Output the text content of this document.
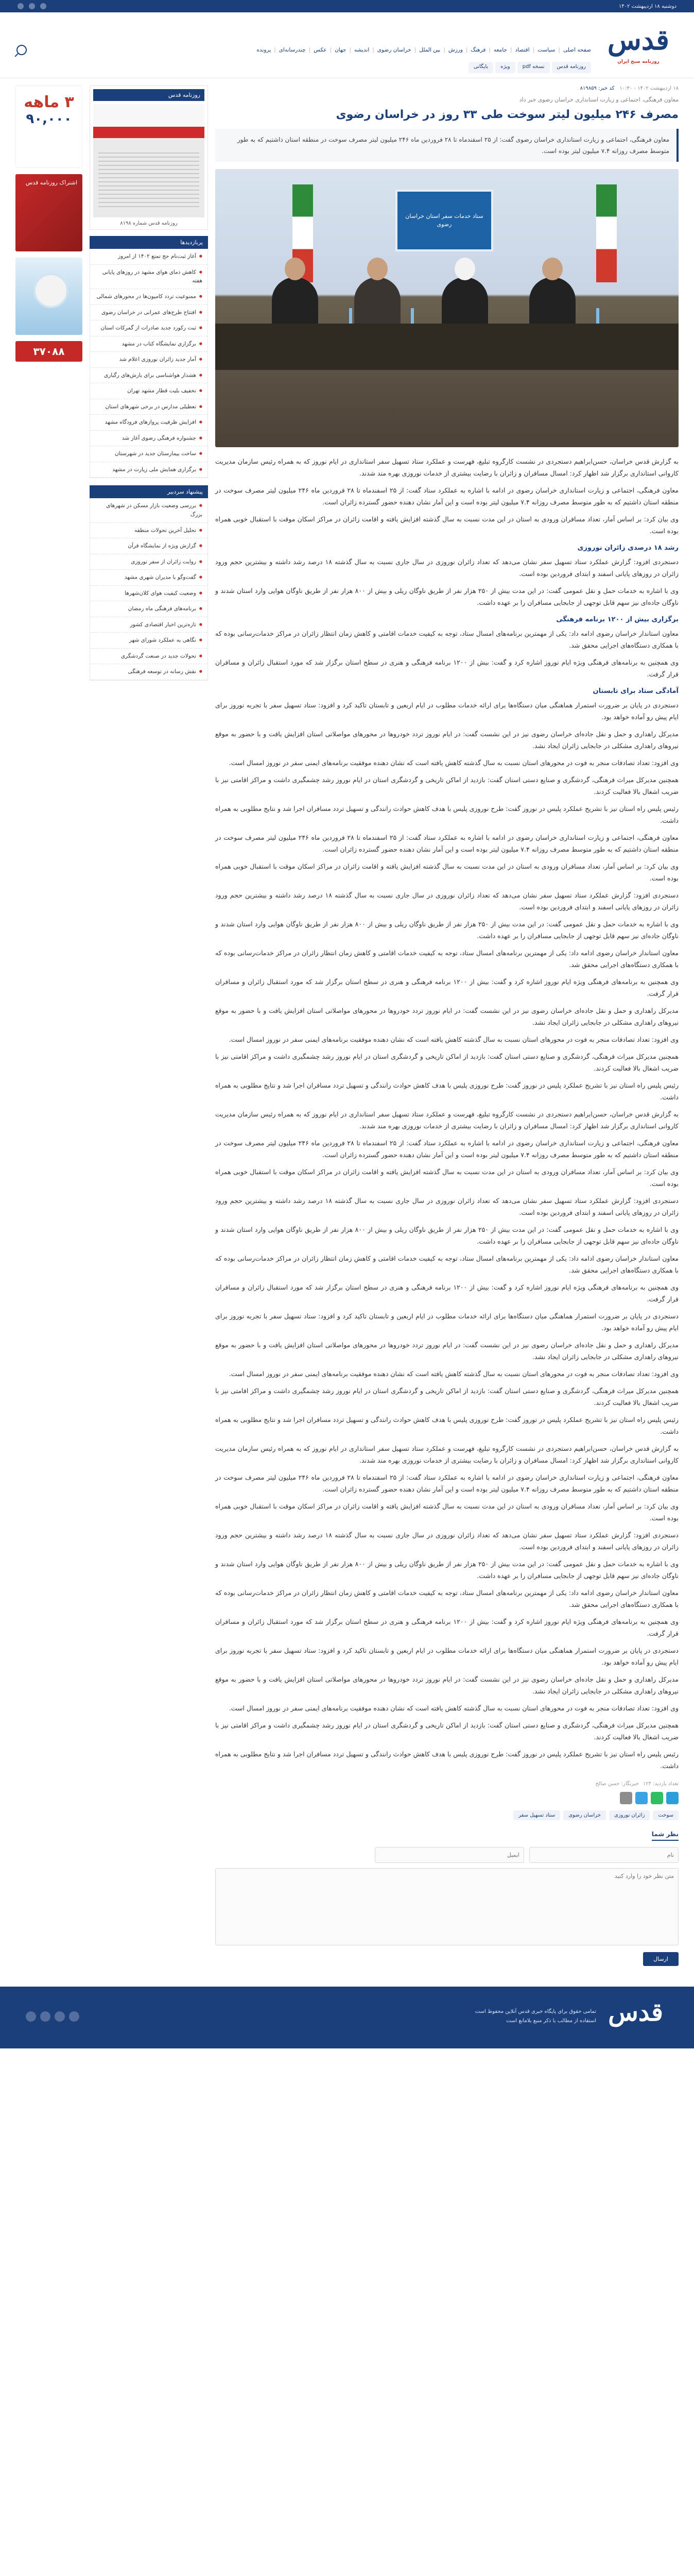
دوشنبه ۱۸ اردیبهشت ۱۴۰۲
قدس
روزنامه صبح ایران
صفحه اصلی
|
سیاست
|
اقتصاد
|
جامعه
|
فرهنگ
|
ورزش
|
بین الملل
|
خراسان رضوی
|
اندیشه
|
جهان
|
عکس
|
چندرسانه‌ای
|
پرونده
روزنامه قدس
نسخه pdf
ویژه
بایگانی
۱۸ اردیبهشت ۱۴۰۲ - ۱۰:۳۰
کد خبر: ۸۱۹۸۵۹
معاون فرهنگی، اجتماعی و زیارت استانداری خراسان رضوی خبر داد
مصرف ۲۴۶ میلیون لیتر سوخت طی ۳۳ روز در خراسان رضوی
معاون فرهنگی، اجتماعی و زیارت استانداری خراسان رضوی گفت: از ۲۵ اسفندماه تا ۲۸ فروردین ماه ۲۴۶ میلیون لیتر مصرف سوخت در منطقه استان داشتیم که به طور متوسط مصرف روزانه ۷.۴ میلیون لیتر بوده است.
ستاد خدمات سفر استان خراسان رضوی

به گزارش قدس خراسان، حسن‌ابراهیم دستجردی در نشست کارگروه تبلیغ، فهرست و عملکرد ستاد تسهیل سفر استانداری در ایام نوروز که به همراه رئیس سازمان مدیریت کاروانی استانداری برگزار شد اظهار کرد: امسال مسافران و زائران با رضایت بیشتری از خدمات نوروزی بهره مند شدند.

معاون فرهنگی، اجتماعی و زیارت استانداری خراسان رضوی در ادامه با اشاره به عملکرد ستاد گفت: از ۲۵ اسفندماه تا ۲۸ فروردین ماه ۲۴۶ میلیون لیتر مصرف سوخت در منطقه استان داشتیم که به طور متوسط مصرف روزانه ۷.۴ میلیون لیتر بوده است و این آمار نشان دهنده حضور گسترده زائران است.

وی بیان کرد: بر اساس آمار، تعداد مسافران ورودی به استان در این مدت نسبت به سال گذشته افزایش یافته و اقامت زائران در مراکز اسکان موقت با استقبال خوبی همراه بوده است.

رشد ۱۸ درصدی زائران نوروزی

دستجردی افزود: گزارش عملکرد ستاد تسهیل سفر نشان می‌دهد که تعداد زائران نوروزی در سال جاری نسبت به سال گذشته ۱۸ درصد رشد داشته و بیشترین حجم ورود زائران در روزهای پایانی اسفند و ابتدای فروردین بوده است.

وی با اشاره به خدمات حمل و نقل عمومی گفت: در این مدت بیش از ۲۵۰ هزار نفر از طریق ناوگان ریلی و بیش از ۸۰۰ هزار نفر از طریق ناوگان هوایی وارد استان شدند و ناوگان جاده‌ای نیز سهم قابل توجهی از جابجایی مسافران را بر عهده داشت.

برگزاری بیش از ۱۲۰۰ برنامه فرهنگی

معاون استاندار خراسان رضوی ادامه داد: یکی از مهمترین برنامه‌های امسال ستاد، توجه به کیفیت خدمات اقامتی و کاهش زمان انتظار زائران در مراکز خدمات‌رسانی بوده که با همکاری دستگاه‌های اجرایی محقق شد.

وی همچنین به برنامه‌های فرهنگی ویژه ایام نوروز اشاره کرد و گفت: بیش از ۱۲۰۰ برنامه فرهنگی و هنری در سطح استان برگزار شد که مورد استقبال زائران و مسافران قرار گرفت.

آمادگی ستاد برای تابستان

دستجردی در پایان بر ضرورت استمرار هماهنگی میان دستگاه‌ها برای ارائه خدمات مطلوب در ایام اربعین و تابستان تاکید کرد و افزود: ستاد تسهیل سفر با تجربه نوروز برای ایام پیش رو آماده خواهد بود.

مدیرکل راهداری و حمل و نقل جاده‌ای خراسان رضوی نیز در این نشست گفت: در ایام نوروز تردد خودروها در محورهای مواصلاتی استان افزایش یافت و با حضور به موقع نیروهای راهداری مشکلی در جابجایی زائران ایجاد نشد.

وی افزود: تعداد تصادفات منجر به فوت در محورهای استان نسبت به سال گذشته کاهش یافته است که نشان دهنده موفقیت برنامه‌های ایمنی سفر در نوروز امسال است.

همچنین مدیرکل میراث فرهنگی، گردشگری و صنایع دستی استان گفت: بازدید از اماکن تاریخی و گردشگری استان در ایام نوروز رشد چشمگیری داشت و مراکز اقامتی نیز با ضریب اشغال بالا فعالیت کردند.

رئیس پلیس راه استان نیز با تشریح عملکرد پلیس در نوروز گفت: طرح نوروزی پلیس با هدف کاهش حوادث رانندگی و تسهیل تردد مسافران اجرا شد و نتایج مطلوبی به همراه داشت.

معاون فرهنگی، اجتماعی و زیارت استانداری خراسان رضوی در ادامه با اشاره به عملکرد ستاد گفت: از ۲۵ اسفندماه تا ۲۸ فروردین ماه ۲۴۶ میلیون لیتر مصرف سوخت در منطقه استان داشتیم که به طور متوسط مصرف روزانه ۷.۴ میلیون لیتر بوده است و این آمار نشان دهنده حضور گسترده زائران است.

وی بیان کرد: بر اساس آمار، تعداد مسافران ورودی به استان در این مدت نسبت به سال گذشته افزایش یافته و اقامت زائران در مراکز اسکان موقت با استقبال خوبی همراه بوده است.

دستجردی افزود: گزارش عملکرد ستاد تسهیل سفر نشان می‌دهد که تعداد زائران نوروزی در سال جاری نسبت به سال گذشته ۱۸ درصد رشد داشته و بیشترین حجم ورود زائران در روزهای پایانی اسفند و ابتدای فروردین بوده است.

وی با اشاره به خدمات حمل و نقل عمومی گفت: در این مدت بیش از ۲۵۰ هزار نفر از طریق ناوگان ریلی و بیش از ۸۰۰ هزار نفر از طریق ناوگان هوایی وارد استان شدند و ناوگان جاده‌ای نیز سهم قابل توجهی از جابجایی مسافران را بر عهده داشت.

معاون استاندار خراسان رضوی ادامه داد: یکی از مهمترین برنامه‌های امسال ستاد، توجه به کیفیت خدمات اقامتی و کاهش زمان انتظار زائران در مراکز خدمات‌رسانی بوده که با همکاری دستگاه‌های اجرایی محقق شد.

وی همچنین به برنامه‌های فرهنگی ویژه ایام نوروز اشاره کرد و گفت: بیش از ۱۲۰۰ برنامه فرهنگی و هنری در سطح استان برگزار شد که مورد استقبال زائران و مسافران قرار گرفت.

مدیرکل راهداری و حمل و نقل جاده‌ای خراسان رضوی نیز در این نشست گفت: در ایام نوروز تردد خودروها در محورهای مواصلاتی استان افزایش یافت و با حضور به موقع نیروهای راهداری مشکلی در جابجایی زائران ایجاد نشد.

وی افزود: تعداد تصادفات منجر به فوت در محورهای استان نسبت به سال گذشته کاهش یافته است که نشان دهنده موفقیت برنامه‌های ایمنی سفر در نوروز امسال است.

همچنین مدیرکل میراث فرهنگی، گردشگری و صنایع دستی استان گفت: بازدید از اماکن تاریخی و گردشگری استان در ایام نوروز رشد چشمگیری داشت و مراکز اقامتی نیز با ضریب اشغال بالا فعالیت کردند.

رئیس پلیس راه استان نیز با تشریح عملکرد پلیس در نوروز گفت: طرح نوروزی پلیس با هدف کاهش حوادث رانندگی و تسهیل تردد مسافران اجرا شد و نتایج مطلوبی به همراه داشت.

به گزارش قدس خراسان، حسن‌ابراهیم دستجردی در نشست کارگروه تبلیغ، فهرست و عملکرد ستاد تسهیل سفر استانداری در ایام نوروز که به همراه رئیس سازمان مدیریت کاروانی استانداری برگزار شد اظهار کرد: امسال مسافران و زائران با رضایت بیشتری از خدمات نوروزی بهره مند شدند.

معاون فرهنگی، اجتماعی و زیارت استانداری خراسان رضوی در ادامه با اشاره به عملکرد ستاد گفت: از ۲۵ اسفندماه تا ۲۸ فروردین ماه ۲۴۶ میلیون لیتر مصرف سوخت در منطقه استان داشتیم که به طور متوسط مصرف روزانه ۷.۴ میلیون لیتر بوده است و این آمار نشان دهنده حضور گسترده زائران است.

وی بیان کرد: بر اساس آمار، تعداد مسافران ورودی به استان در این مدت نسبت به سال گذشته افزایش یافته و اقامت زائران در مراکز اسکان موقت با استقبال خوبی همراه بوده است.

دستجردی افزود: گزارش عملکرد ستاد تسهیل سفر نشان می‌دهد که تعداد زائران نوروزی در سال جاری نسبت به سال گذشته ۱۸ درصد رشد داشته و بیشترین حجم ورود زائران در روزهای پایانی اسفند و ابتدای فروردین بوده است.

وی با اشاره به خدمات حمل و نقل عمومی گفت: در این مدت بیش از ۲۵۰ هزار نفر از طریق ناوگان ریلی و بیش از ۸۰۰ هزار نفر از طریق ناوگان هوایی وارد استان شدند و ناوگان جاده‌ای نیز سهم قابل توجهی از جابجایی مسافران را بر عهده داشت.

معاون استاندار خراسان رضوی ادامه داد: یکی از مهمترین برنامه‌های امسال ستاد، توجه به کیفیت خدمات اقامتی و کاهش زمان انتظار زائران در مراکز خدمات‌رسانی بوده که با همکاری دستگاه‌های اجرایی محقق شد.

وی همچنین به برنامه‌های فرهنگی ویژه ایام نوروز اشاره کرد و گفت: بیش از ۱۲۰۰ برنامه فرهنگی و هنری در سطح استان برگزار شد که مورد استقبال زائران و مسافران قرار گرفت.

دستجردی در پایان بر ضرورت استمرار هماهنگی میان دستگاه‌ها برای ارائه خدمات مطلوب در ایام اربعین و تابستان تاکید کرد و افزود: ستاد تسهیل سفر با تجربه نوروز برای ایام پیش رو آماده خواهد بود.

مدیرکل راهداری و حمل و نقل جاده‌ای خراسان رضوی نیز در این نشست گفت: در ایام نوروز تردد خودروها در محورهای مواصلاتی استان افزایش یافت و با حضور به موقع نیروهای راهداری مشکلی در جابجایی زائران ایجاد نشد.

وی افزود: تعداد تصادفات منجر به فوت در محورهای استان نسبت به سال گذشته کاهش یافته است که نشان دهنده موفقیت برنامه‌های ایمنی سفر در نوروز امسال است.

همچنین مدیرکل میراث فرهنگی، گردشگری و صنایع دستی استان گفت: بازدید از اماکن تاریخی و گردشگری استان در ایام نوروز رشد چشمگیری داشت و مراکز اقامتی نیز با ضریب اشغال بالا فعالیت کردند.

رئیس پلیس راه استان نیز با تشریح عملکرد پلیس در نوروز گفت: طرح نوروزی پلیس با هدف کاهش حوادث رانندگی و تسهیل تردد مسافران اجرا شد و نتایج مطلوبی به همراه داشت.

به گزارش قدس خراسان، حسن‌ابراهیم دستجردی در نشست کارگروه تبلیغ، فهرست و عملکرد ستاد تسهیل سفر استانداری در ایام نوروز که به همراه رئیس سازمان مدیریت کاروانی استانداری برگزار شد اظهار کرد: امسال مسافران و زائران با رضایت بیشتری از خدمات نوروزی بهره مند شدند.

معاون فرهنگی، اجتماعی و زیارت استانداری خراسان رضوی در ادامه با اشاره به عملکرد ستاد گفت: از ۲۵ اسفندماه تا ۲۸ فروردین ماه ۲۴۶ میلیون لیتر مصرف سوخت در منطقه استان داشتیم که به طور متوسط مصرف روزانه ۷.۴ میلیون لیتر بوده است و این آمار نشان دهنده حضور گسترده زائران است.

وی بیان کرد: بر اساس آمار، تعداد مسافران ورودی به استان در این مدت نسبت به سال گذشته افزایش یافته و اقامت زائران در مراکز اسکان موقت با استقبال خوبی همراه بوده است.

دستجردی افزود: گزارش عملکرد ستاد تسهیل سفر نشان می‌دهد که تعداد زائران نوروزی در سال جاری نسبت به سال گذشته ۱۸ درصد رشد داشته و بیشترین حجم ورود زائران در روزهای پایانی اسفند و ابتدای فروردین بوده است.

وی با اشاره به خدمات حمل و نقل عمومی گفت: در این مدت بیش از ۲۵۰ هزار نفر از طریق ناوگان ریلی و بیش از ۸۰۰ هزار نفر از طریق ناوگان هوایی وارد استان شدند و ناوگان جاده‌ای نیز سهم قابل توجهی از جابجایی مسافران را بر عهده داشت.

معاون استاندار خراسان رضوی ادامه داد: یکی از مهمترین برنامه‌های امسال ستاد، توجه به کیفیت خدمات اقامتی و کاهش زمان انتظار زائران در مراکز خدمات‌رسانی بوده که با همکاری دستگاه‌های اجرایی محقق شد.

وی همچنین به برنامه‌های فرهنگی ویژه ایام نوروز اشاره کرد و گفت: بیش از ۱۲۰۰ برنامه فرهنگی و هنری در سطح استان برگزار شد که مورد استقبال زائران و مسافران قرار گرفت.

دستجردی در پایان بر ضرورت استمرار هماهنگی میان دستگاه‌ها برای ارائه خدمات مطلوب در ایام اربعین و تابستان تاکید کرد و افزود: ستاد تسهیل سفر با تجربه نوروز برای ایام پیش رو آماده خواهد بود.

مدیرکل راهداری و حمل و نقل جاده‌ای خراسان رضوی نیز در این نشست گفت: در ایام نوروز تردد خودروها در محورهای مواصلاتی استان افزایش یافت و با حضور به موقع نیروهای راهداری مشکلی در جابجایی زائران ایجاد نشد.

وی افزود: تعداد تصادفات منجر به فوت در محورهای استان نسبت به سال گذشته کاهش یافته است که نشان دهنده موفقیت برنامه‌های ایمنی سفر در نوروز امسال است.

همچنین مدیرکل میراث فرهنگی، گردشگری و صنایع دستی استان گفت: بازدید از اماکن تاریخی و گردشگری استان در ایام نوروز رشد چشمگیری داشت و مراکز اقامتی نیز با ضریب اشغال بالا فعالیت کردند.

رئیس پلیس راه استان نیز با تشریح عملکرد پلیس در نوروز گفت: طرح نوروزی پلیس با هدف کاهش حوادث رانندگی و تسهیل تردد مسافران اجرا شد و نتایج مطلوبی به همراه داشت.

تعداد بازدید: ۱۲۴
خبرنگار: حسن صالح
سوخت
زائران نوروزی
خراسان رضوی
ستاد تسهیل سفر
نظر شما
نام
ایمیل
متن نظر خود را وارد کنید
ارسال
روزنامه قدس
روزنامه قدس شماره ۸۱۹۸
پربازدیدها
● آغاز ثبت‌نام حج تمتع ۱۴۰۲ از امروز
● کاهش دمای هوای مشهد در روزهای پایانی هفته
● ممنوعیت تردد کامیون‌ها در محورهای شمالی
● افتتاح طرح‌های عمرانی در خراسان رضوی
● ثبت رکورد جدید صادرات از گمرکات استان
● برگزاری نمایشگاه کتاب در مشهد
● آمار جدید زائران نوروزی اعلام شد
● هشدار هواشناسی برای بارش‌های رگباری
● تخفیف بلیت قطار مشهد تهران
● تعطیلی مدارس در برخی شهرهای استان
● افزایش ظرفیت پروازهای فرودگاه مشهد
● جشنواره فرهنگی رضوی آغاز شد
● ساخت بیمارستان جدید در شهرستان
● برگزاری همایش ملی زیارت در مشهد
پیشنهاد سردبیر
● بررسی وضعیت بازار مسکن در شهرهای بزرگ
● تحلیل آخرین تحولات منطقه
● گزارش ویژه از نمایشگاه قرآن
● روایت زائران از سفر نوروزی
● گفت‌وگو با مدیران شهری مشهد
● وضعیت کیفیت هوای کلان‌شهرها
● برنامه‌های فرهنگی ماه رمضان
● تازه‌ترین اخبار اقتصادی کشور
● نگاهی به عملکرد شورای شهر
● تحولات جدید در صنعت گردشگری
● نقش رسانه در توسعه فرهنگی
۳ ماهه
۹۰,۰۰۰
اشتراک روزنامه قدس
۳۷۰۸۸
قدس
تمامی حقوق برای پایگاه خبری قدس آنلاین محفوظ است
استفاده از مطالب با ذکر منبع بلامانع است
